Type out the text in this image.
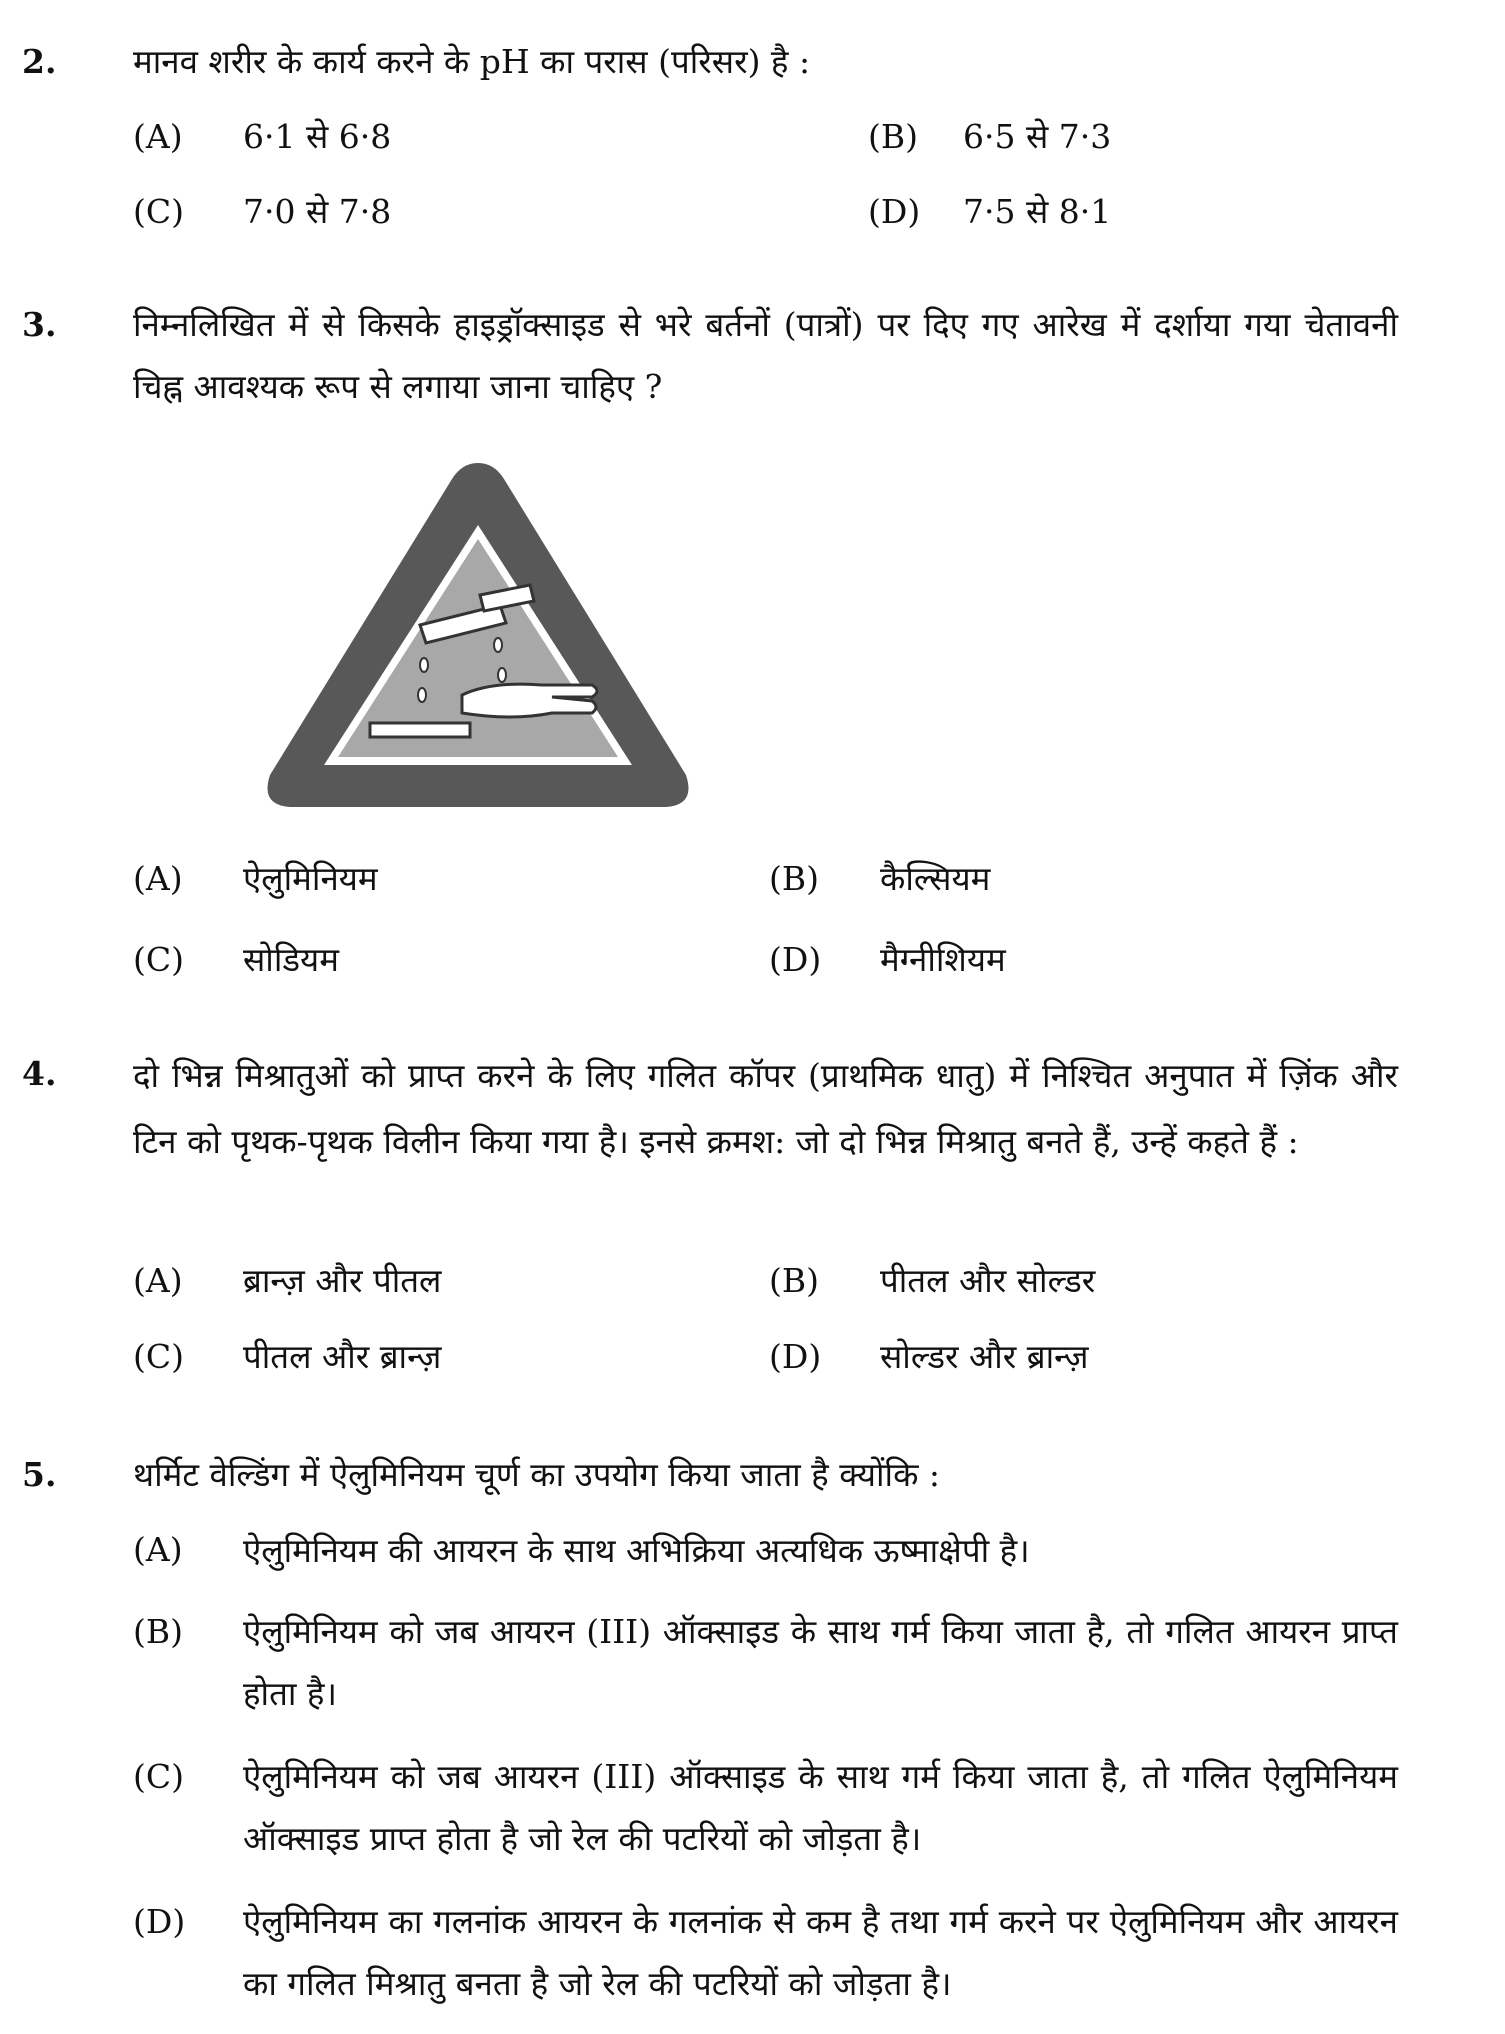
2. मानव शरीर के कार्य करने के pH का परास (परिसर) है :
(A) 6·1 से 6·8	(B) 6·5 से 7·3
(C) 7·0 से 7·8	(D) 7·5 से 8·1
3. निम्नलिखित में से किसके हाइड्रॉक्साइड से भरे बर्तनों (पात्रों) पर दिए गए आरेख में दर्शाया गया चेतावनी चिह्न आवश्यक रूप से लगाया जाना चाहिए ?
(A) ऐलुमिनियम	(B) कैल्सियम
(C) सोडियम	(D) मैग्नीशियम
4. दो भिन्न मिश्रातुओं को प्राप्त करने के लिए गलित कॉपर (प्राथमिक धातु) में निश्चित अनुपात में ज़िंक और टिन को पृथक-पृथक विलीन किया गया है। इनसे क्रमश: जो दो भिन्न मिश्रातु बनते हैं, उन्हें कहते हैं :
(A) ब्रान्ज़ और पीतल	(B) पीतल और सोल्डर
(C) पीतल और ब्रान्ज़	(D) सोल्डर और ब्रान्ज़
5. थर्मिट वेल्डिंग में ऐलुमिनियम चूर्ण का उपयोग किया जाता है क्योंकि :
(A) ऐलुमिनियम की आयरन के साथ अभिक्रिया अत्यधिक ऊष्माक्षेपी है।
(B) ऐलुमिनियम को जब आयरन (III) ऑक्साइड के साथ गर्म किया जाता है, तो गलित आयरन प्राप्त होता है।
(C) ऐलुमिनियम को जब आयरन (III) ऑक्साइड के साथ गर्म किया जाता है, तो गलित ऐलुमिनियम ऑक्साइड प्राप्त होता है जो रेल की पटरियों को जोड़ता है।
(D) ऐलुमिनियम का गलनांक आयरन के गलनांक से कम है तथा गर्म करने पर ऐलुमिनियम और आयरन का गलित मिश्रातु बनता है जो रेल की पटरियों को जोड़ता है।
